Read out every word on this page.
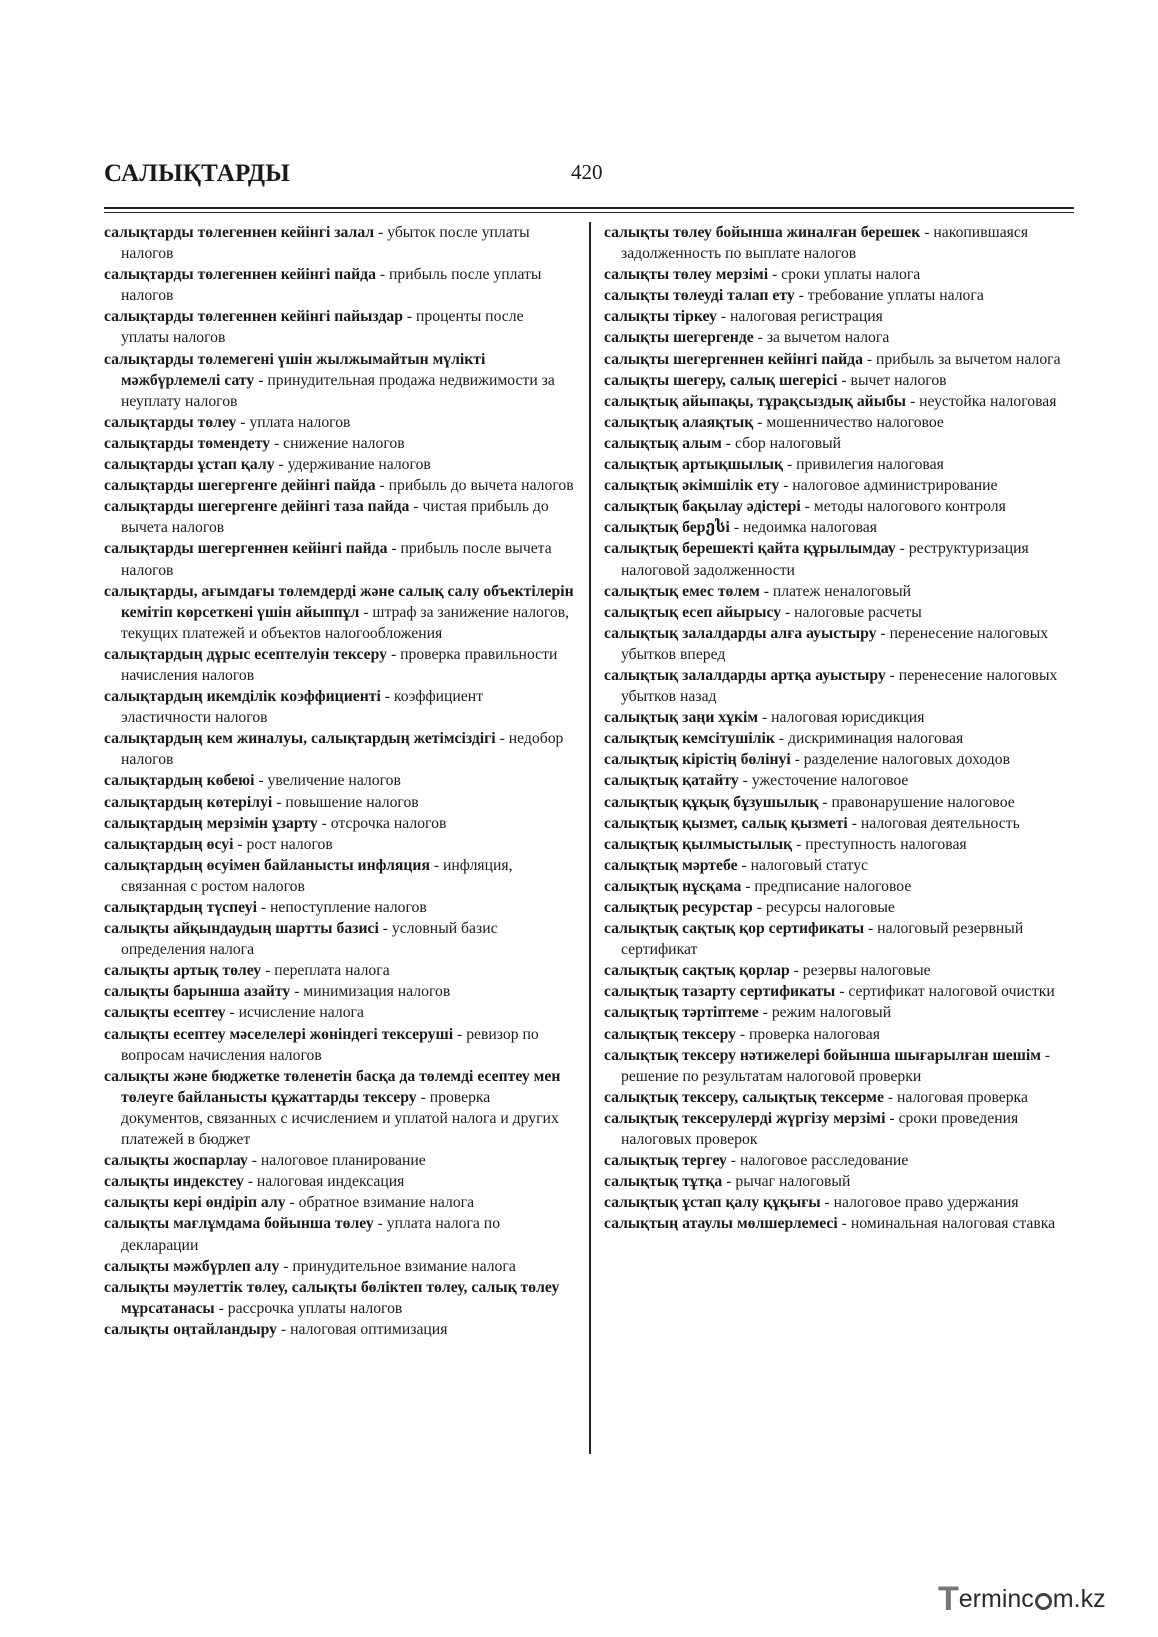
САЛЫҚТАРДЫ	420

салықтарды төлегеннен кейінгі залал - убыток после уплаты налогов

салықтарды төлегеннен кейінгі пайда - прибыль после уплаты налогов

салықтарды төлегеннен кейінгі пайыздар - проценты после уплаты налогов

салықтарды төлемегені үшін жылжымайтын мүлікті мәжбүрлемелі сату - принудительная продажа недвижимости за неуплату налогов

салықтарды төлеу - уплата налогов

салықтарды төмендету - снижение налогов

салықтарды ұстап қалу - удерживание налогов

салықтарды шегергенге дейінгі пайда - прибыль до вычета налогов

салықтарды шегергенге дейінгі таза пайда - чистая прибыль до вычета налогов

салықтарды шегергеннен кейінгі пайда - прибыль после вычета налогов

салықтарды, ағымдағы төлемдерді және салық салу объектілерін кемітіп көрсеткені үшін айыппұл - штраф за занижение налогов, текущих платежей и объектов налогообложения

салықтардың дұрыс есептелуін тексеру - проверка правильности начисления налогов

салықтардың икемділік коэффициенті - коэффициент эластичности налогов

салықтардың кем жиналуы, салықтардың жетімсіздігі - недобор налогов

салықтардың көбеюі - увеличение налогов

салықтардың көтерілуі - повышение налогов

салықтардың мерзімін ұзарту - отсрочка налогов

салықтардың өсуі - рост налогов

салықтардың өсуімен байланысты инфляция - инфляция, связанная с ростом налогов

салықтардың түспеуі - непоступление налогов

салықты айқындаудың шартты базисі - условный базис определения налога

салықты артық төлеу - переплата налога

салықты барынша азайту - минимизация налогов

салықты есептеу - исчисление налога

салықты есептеу мәселелері жөніндегі тексеруші - ревизор по вопросам начисления налогов

салықты және бюджетке төленетін басқа да төлемді есептеу мен төлеуге байланысты құжаттарды тексеру - проверка документов, связанных с исчислением и уплатой налога и других платежей в бюджет

салықты жоспарлау - налоговое планирование

салықты индекстеу - налоговая индексация

салықты кері өндіріп алу - обратное взимание налога

салықты мағлұмдама бойынша төлеу - уплата налога по декларации

салықты мәжбүрлеп алу - принудительное взимание налога

салықты мәулеттік төлеу, салықты бөліктеп төлеу, салық төлеу мұрсатанасы - рассрочка уплаты налогов

салықты оңтайландыру - налоговая оптимизация

салықты төлеу бойынша жиналған берешек - накопившаяся задолженность по выплате налогов

салықты төлеу мерзімі - сроки уплаты налога

салықты төлеуді талап ету - требование уплаты налога

салықты тіркеу - налоговая регистрация

салықты шегергенде - за вычетом налога

салықты шегергеннен кейінгі пайда - прибыль за вычетом налога

салықты шегеру, салық шегерісі - вычет налогов

салықтық айыпақы, тұрақсыздық айыбы - неустойка налоговая

салықтық алаяқтық - мошенничество налоговое

салықтық алым - сбор налоговый

салықтық артықшылық - привилегия налоговая

салықтық әкімшілік ету - налоговое администрирование

салықтық бақылау әдістері - методы налогового контроля

салықтық берესі - недоимка налоговая

салықтық берешекті қайта құрылымдау - реструктуризация налоговой задолженности

салықтық емес төлем - платеж неналоговый

салықтық есеп айырысу - налоговые расчеты

салықтық залалдарды алға ауыстыру - перенесение налоговых убытков вперед

салықтық залалдарды артқа ауыстыру - перенесение налоговых убытков назад

салықтық заңи хұкім - налоговая юрисдикция

салықтық кемсітушілік - дискриминация налоговая

салықтық кірістің бөлінуі - разделение налоговых доходов

салықтық қатайту - ужесточение налоговое

салықтық құқық бұзушылық - правонарушение налоговое

салықтық қызмет, салық қызметі - налоговая деятельность

салықтық қылмыстылық - преступность налоговая

салықтық мәртебе - налоговый статус

салықтық нұсқама - предписание налоговое

салықтық ресурстар - ресурсы налоговые

салықтық сақтық қор сертификаты - налоговый резервный сертификат

салықтық сақтық қорлар - резервы налоговые

салықтық тазарту сертификаты - сертификат налоговой очистки

салықтық тәртіптеме - режим налоговый

салықтық тексеру - проверка налоговая

салықтық тексеру нәтижелері бойынша шығарылған шешім - решение по результатам налоговой проверки

салықтық тексеру, салықтық тексерме - налоговая проверка

салықтық тексерулерді жүргізу мерзімі - сроки проведения налоговых проверок

салықтық тергеу - налоговое расследование

салықтық тұтқа - рычаг налоговый

салықтық ұстап қалу құқығы - налоговое право удержания

салықтың атаулы мөлшерлемесі - номинальная налоговая ставка

Terminc m.kz
